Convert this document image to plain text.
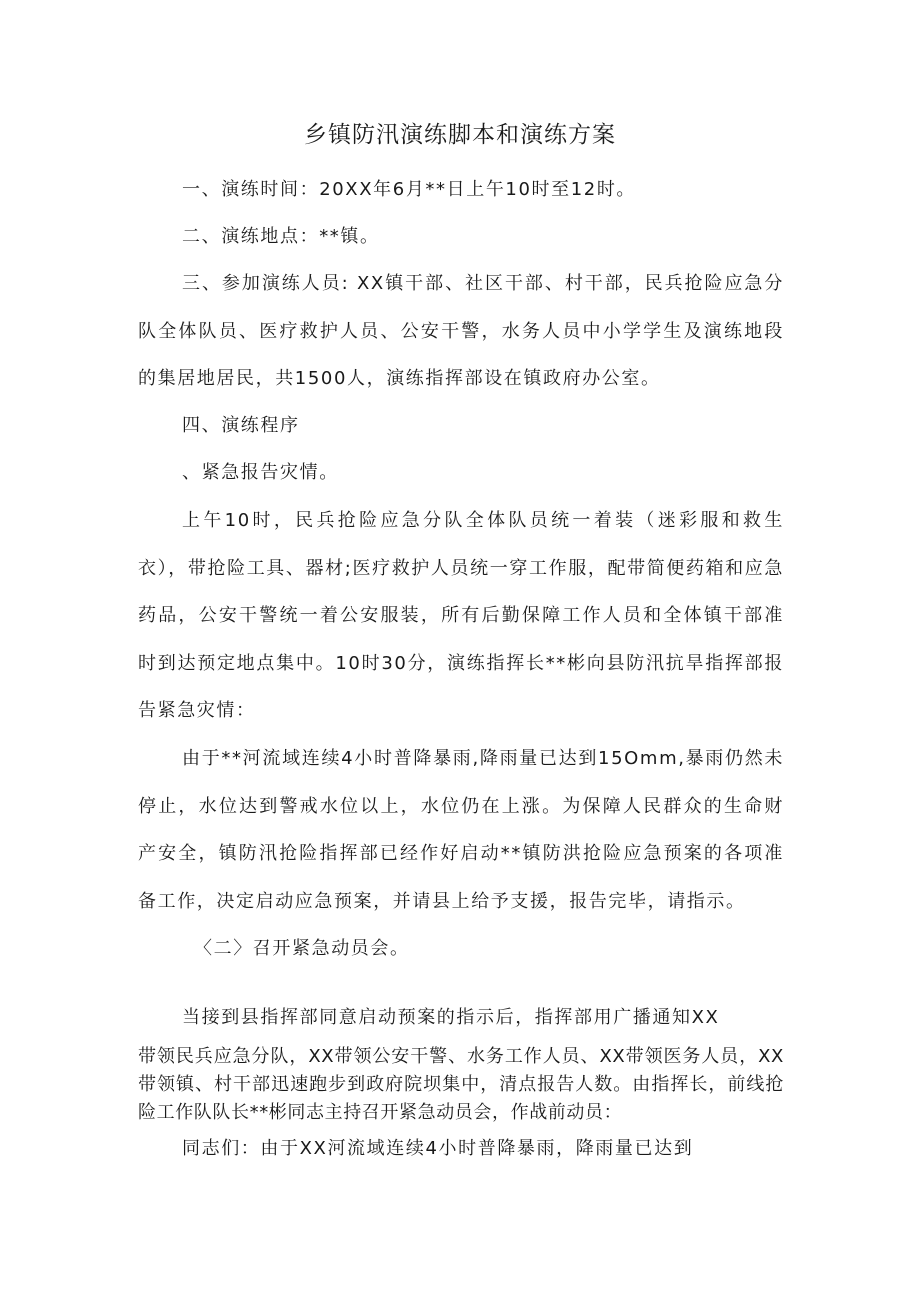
乡镇防汛演练脚本和演练方案

一、演练时间：20XX年6月**日上午10时至12时。

二、演练地点：**镇。

三、参加演练人员: XX镇干部、社区干部、村干部，民兵抢险应急分队全体队员、医疗救护人员、公安干警，水务人员中小学学生及演练地段的集居地居民，共1500人，演练指挥部设在镇政府办公室。

四、演练程序

、紧急报告灾情。

上午10时，民兵抢险应急分队全体队员统一着装（迷彩服和救生衣），带抢险工具、器材;医疗救护人员统一穿工作服，配带简便药箱和应急药品，公安干警统一着公安服装，所有后勤保障工作人员和全体镇干部准时到达预定地点集中。10时30分，演练指挥长**彬向县防汛抗旱指挥部报告紧急灾情：

由于**河流域连续4小时普降暴雨,降雨量已达到15Omm,暴雨仍然未停止，水位达到警戒水位以上，水位仍在上涨。为保障人民群众的生命财产安全，镇防汛抢险指挥部已经作好启动**镇防洪抢险应急预案的各项准备工作，决定启动应急预案，并请县上给予支援，报告完毕，请指示。

〈二〉召开紧急动员会。

当接到县指挥部同意启动预案的指示后，指挥部用广播通知XX

带领民兵应急分队，XX带领公安干警、水务工作人员、XX带领医务人员，XX带领镇、村干部迅速跑步到政府院坝集中，清点报告人数。由指挥长，前线抢险工作队队长**彬同志主持召开紧急动员会，作战前动员：

同志们：由于XX河流域连续4小时普降暴雨，降雨量已达到
